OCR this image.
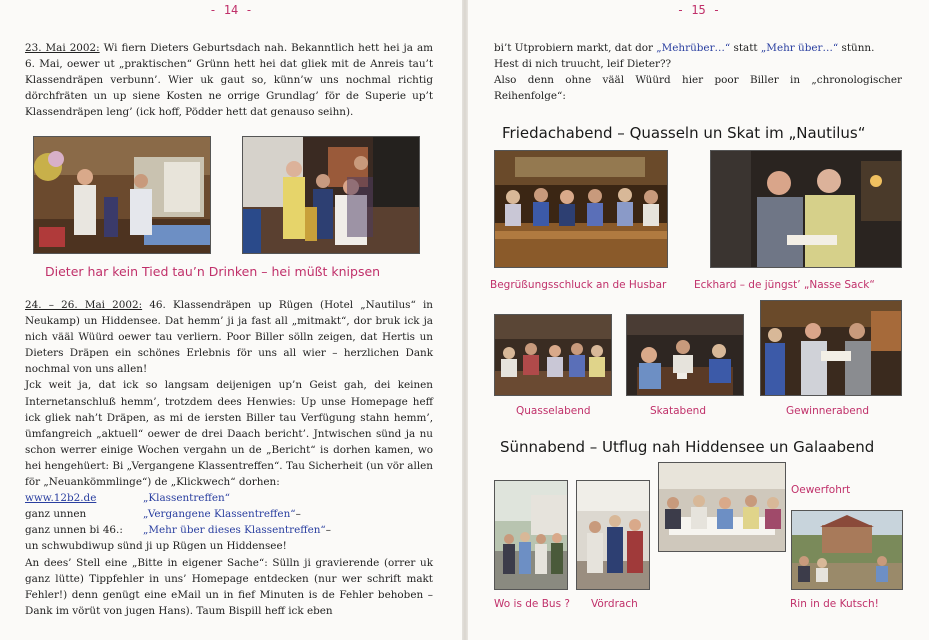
- 14 -

23. Mai 2002: Wi fiern Dieters Geburtsdach nah. Bekanntlich hett hei ja am 6. Mai, oewer ut „praktischen“ Grünn hett hei dat gliek mit de Anreis tau’t Klassendräpen verbunn’. Wier uk gaut so, künn’w uns nochmal richtig dörchfräten un up siene Kosten ne orrige Grundlag’ för de Superie up’t Klassendräpen leng’ (ick hoff, Pödder hett dat genauso seihn).

Dieter har kein Tied tau’n Drinken – hei müßt knipsen

24. – 26. Mai 2002: 46. Klassendräpen up Rügen (Hotel „Nautilus“ in Neukamp) un Hiddensee. Dat hemm’ ji ja fast all „mitmakt“, dor bruk ick ja nich vääl Wüürd oewer tau verliern. Poor Biller sölln zeigen, dat Hertis un Dieters Dräpen ein schönes Erlebnis för uns all wier – herzlichen Dank nochmal von uns allen!

Jck weit ja, dat ick so langsam deijenigen up’n Geist gah, dei keinen Internetanschluß hemm’, trotzdem dees Henwies: Up unse Homepage heff ick gliek nah’t Dräpen, as mi de iersten Biller tau Verfügung stahn hemm’, ümfangreich „aktuell“ oewer de drei Daach bericht’. Jntwischen sünd ja nu schon werrer einige Wochen vergahn un de „Bericht“ is dorhen kamen, wo hei hengehüert: Bi „Vergangene Klassentreffen“. Tau Sicherheit (un vör allen för „Neuankömmlinge“) de „Klickwech“ dorhen:

www.12b2.de	„Klassentreffen“
ganz unnen	„Vergangene Klassentreffen“ –
ganz unnen bi 46.:	„Mehr über dieses Klassentreffen“ –

un schwubdiwup sünd ji up Rügen un Hiddensee!

An dees’ Stell eine „Bitte in eigener Sache“: Sülln ji gravierende (orrer uk ganz lütte) Tippfehler in uns’ Homepage entdecken (nur wer schrift makt Fehler!) denn genügt eine eMail un in fief Minuten is de Fehler behoben – Dank im vörüt von jugen Hans). Taum Bispill heff ick eben

- 15 -

bi’t Utprobiern markt, dat dor „Mehrüber…“ statt „Mehr über…“ stünn.

Hest di nich truucht, leif Dieter??

Also denn ohne vääl Wüürd hier poor Biller in „chronologischer Reihenfolge“:

Friedachabend – Quasseln un Skat im „Nautilus“
Begrüßungsschluck an de Husbar	Eckhard – de jüngst’ „Nasse Sack“
Quasselabend	Skatabend	Gewinnerabend
Sünnabend – Utflug nah Hiddensee un Galaabend
Oewerfohrt
Wo is de Bus ? Vördrach	Rin in de Kutsch!
